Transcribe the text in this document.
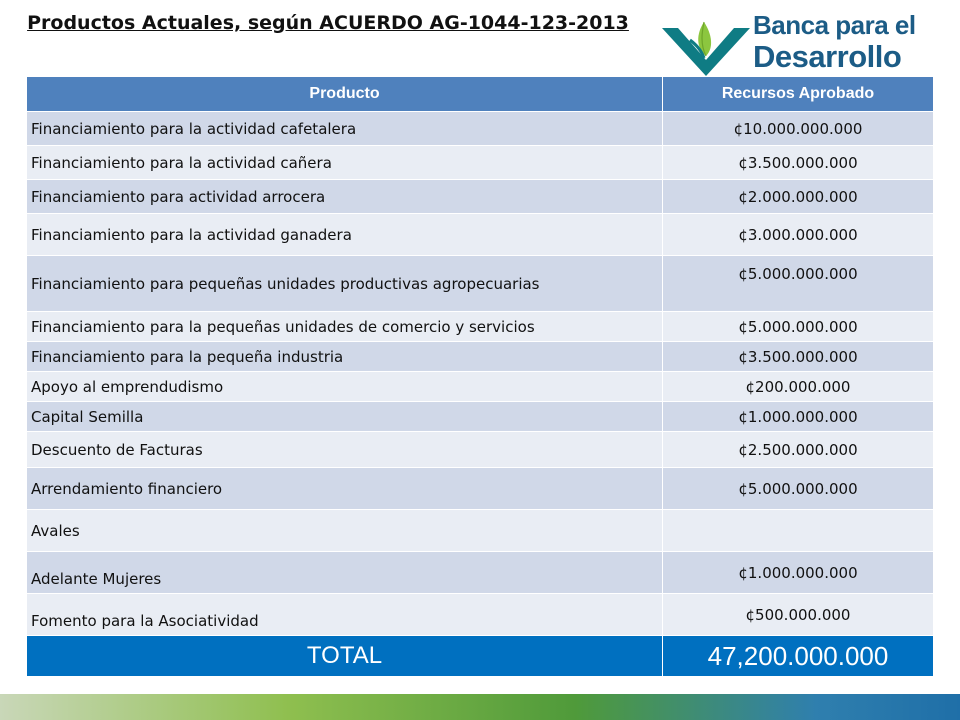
Productos Actuales, según ACUERDO AG-1044-123-2013	Banca para el
Desarrollo
Producto	Recursos Aprobado
Financiamiento para la actividad cafetalera	¢10.000.000.000
Financiamiento para la actividad cañera	¢3.500.000.000
Financiamiento para actividad arrocera	¢2.000.000.000
Financiamiento para la actividad ganadera	¢3.000.000.000
Financiamiento para pequeñas unidades productivas agropecuarias	¢5.000.000.000
Financiamiento para la pequeñas unidades de comercio y servicios	¢5.000.000.000
Financiamiento para la pequeña industria	¢3.500.000.000
Apoyo al emprendudismo	¢200.000.000
Capital Semilla	¢1.000.000.000
Descuento de Facturas	¢2.500.000.000
Arrendamiento financiero	¢5.000.000.000
Avales	
Adelante Mujeres	¢1.000.000.000
Fomento para la Asociatividad	¢500.000.000
TOTAL	47,200.000.000
